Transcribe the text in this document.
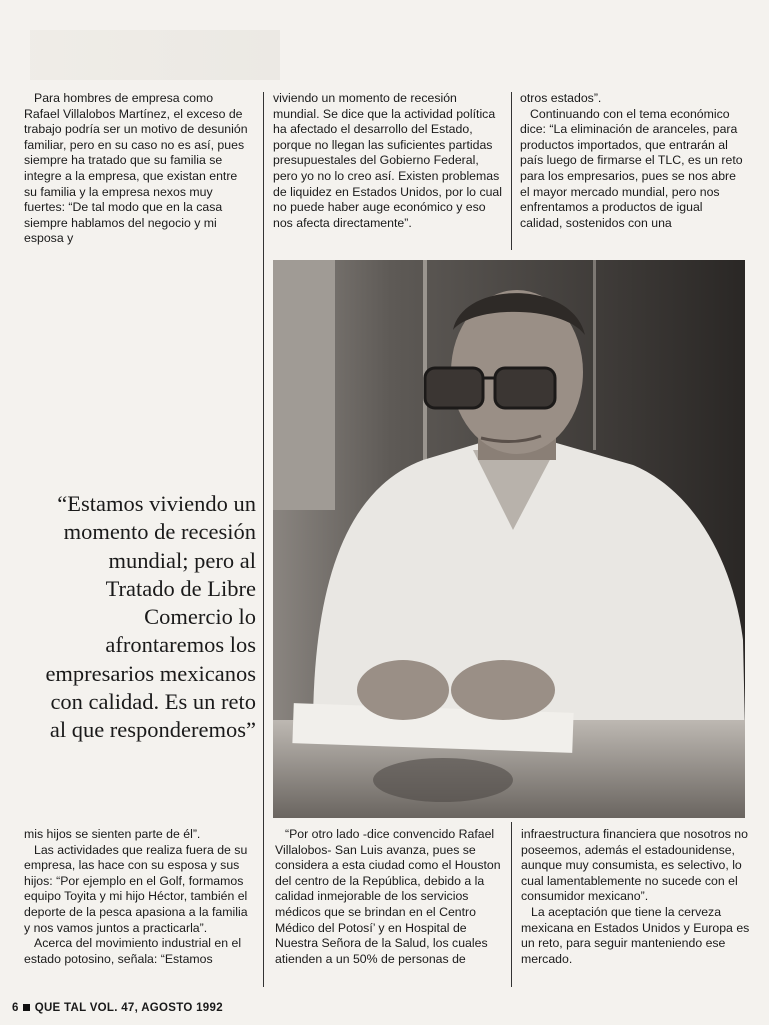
Para hombres de empresa como Rafael Villalobos Martínez, el exceso de trabajo podría ser un motivo de desunión familiar, pero en su caso no es así, pues siempre ha tratado que su familia se integre a la empresa, que existan entre su familia y la empresa nexos muy fuertes: “De tal modo que en la casa siempre hablamos del negocio y mi esposa y

viviendo un momento de recesión mundial. Se dice que la actividad política ha afectado el desarrollo del Estado, porque no llegan las suficientes partidas presupuestales del Gobierno Federal, pero yo no lo creo así. Existen problemas de liquidez en Estados Unidos, por lo cual no puede haber auge económico y eso nos afecta directamente”.

otros estados”.

Continuando con el tema económico dice: “La eliminación de aranceles, para productos importados, que entrarán al país luego de firmarse el TLC, es un reto para los empresarios, pues se nos abre el mayor mercado mundial, pero nos enfrentamos a productos de igual calidad, sostenidos con una

“Estamos viviendo un momento de recesión mundial; pero al Tratado de Libre Comercio lo afrontaremos los empresarios mexicanos con calidad. Es un reto al que responderemos”

mis hijos se sienten parte de él”.

Las actividades que realiza fuera de su empresa, las hace con su esposa y sus hijos: “Por ejemplo en el Golf, formamos equipo Toyita y mi hijo Héctor, también el deporte de la pesca apasiona a la familia y nos vamos juntos a practicarla”.

Acerca del movimiento industrial en el estado potosino, señala: “Estamos

“Por otro lado -dice convencido Rafael Villalobos- San Luis avanza, pues se considera a esta ciudad como el Houston del centro de la República, debido a la calidad inmejorable de los servicios médicos que se brindan en el Centro Médico del Potosí’ y en Hospital de Nuestra Señora de la Salud, los cuales atienden a un 50% de personas de

infraestructura financiera que nosotros no poseemos, además el estadounidense, aunque muy consumista, es selectivo, lo cual lamentablemente no sucede con el consumidor mexicano”.

La aceptación que tiene la cerveza mexicana en Estados Unidos y Europa es un reto, para seguir manteniendo ese mercado.

6 QUE TAL VOL. 47, AGOSTO 1992
